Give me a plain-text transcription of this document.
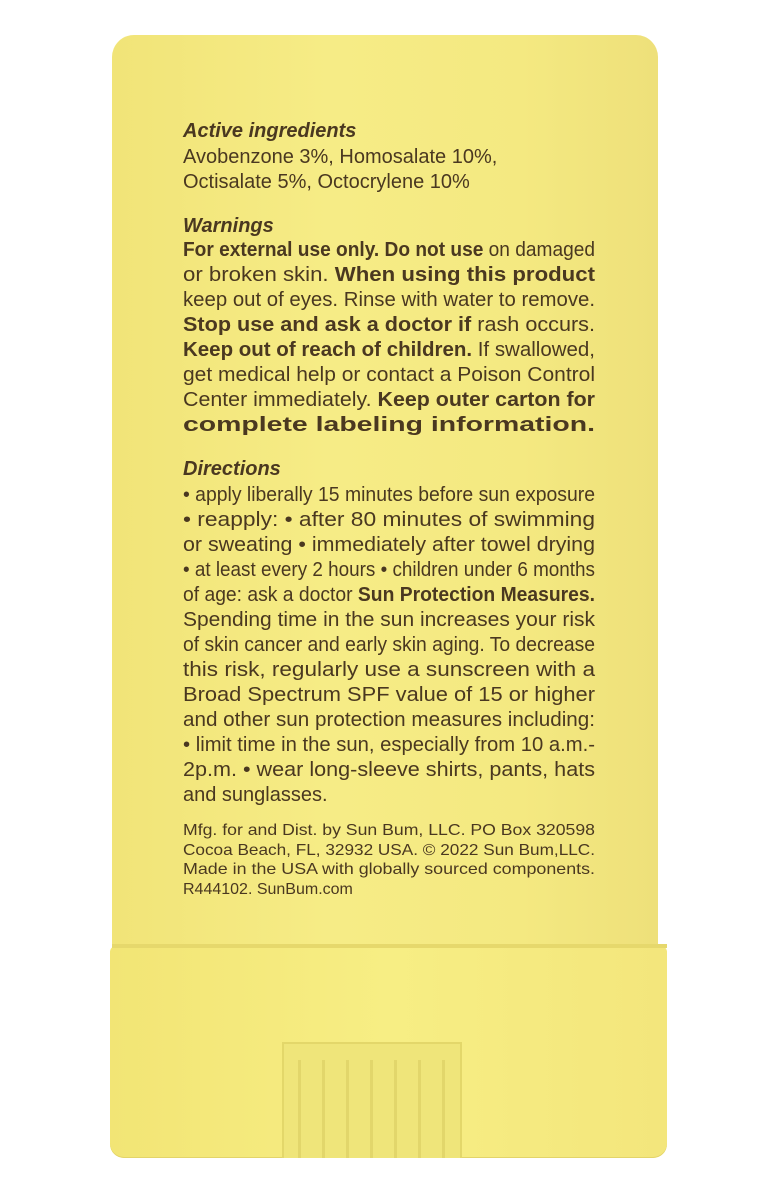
Active ingredients
Avobenzone 3%, Homosalate 10%,
Octisalate 5%, Octocrylene 10%
Warnings
For external use only. Do not use on damaged
or broken skin. When using this product
keep out of eyes. Rinse with water to remove.
Stop use and ask a doctor if rash occurs.
Keep out of reach of children. If swallowed,
get medical help or contact a Poison Control
Center immediately. Keep outer carton for
complete labeling information.
Directions
• apply liberally 15 minutes before sun exposure
• reapply: • after 80 minutes of swimming
or sweating • immediately after towel drying
• at least every 2 hours • children under 6 months
of age: ask a doctor Sun Protection Measures.
Spending time in the sun increases your risk
of skin cancer and early skin aging. To decrease
this risk, regularly use a sunscreen with a
Broad Spectrum SPF value of 15 or higher
and other sun protection measures including:
• limit time in the sun, especially from 10 a.m.-
2p.m. • wear long-sleeve shirts, pants, hats
and sunglasses.
Mfg. for and Dist. by Sun Bum, LLC. PO Box 320598
Cocoa Beach, FL, 32932 USA. © 2022 Sun Bum,LLC.
Made in the USA with globally sourced components.
R444102. SunBum.com
